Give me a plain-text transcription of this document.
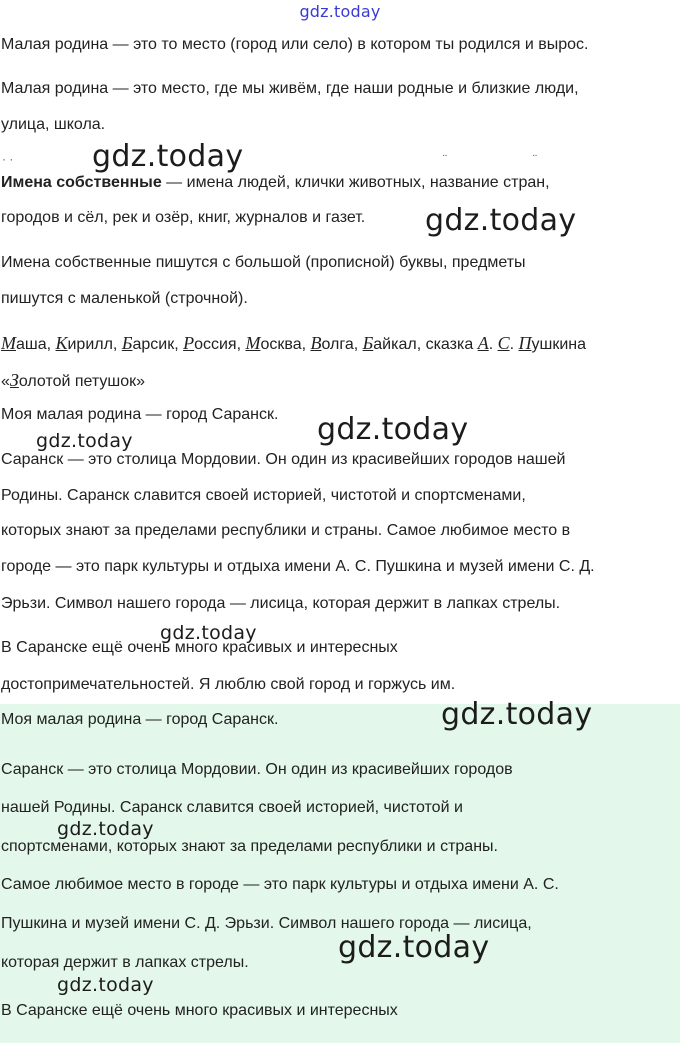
gdz.today
Малая родина — это то место (город или село) в котором ты родился и вырос.
Малая родина — это место, где мы живём, где наши родные и близкие люди,
улица, школа.
· ·	¨	¨
Имена собственные — имена людей, клички животных, название стран,
городов и сёл, рек и озёр, книг, журналов и газет.
Имена собственные пишутся с большой (прописной) буквы, предметы
пишутся с маленькой (строчной).
Маша, Кирилл, Барсик, Россия, Москва, Волга, Байкал, сказка А. С. Пушкина
«Золотой петушок»
Моя малая родина — город Саранск.
Саранск — это столица Мордовии. Он один из красивейших городов нашей
Родины. Саранск славится своей историей, чистотой и спортсменами,
которых знают за пределами республики и страны. Самое любимое место в
городе — это парк культуры и отдыха имени А. С. Пушкина и музей имени С. Д.
Эрьзи. Символ нашего города — лисица, которая держит в лапках стрелы.
В Саранске ещё очень много красивых и интересных
достопримечательностей. Я люблю свой город и горжусь им.
Моя малая родина — город Саранск.
Саранск — это столица Мордовии. Он один из красивейших городов
нашей Родины. Саранск славится своей историей, чистотой и
спортсменами, которых знают за пределами республики и страны.
Самое любимое место в городе — это парк культуры и отдыха имени А. С.
Пушкина и музей имени С. Д. Эрьзи. Символ нашего города — лисица,
которая держит в лапках стрелы.
В Саранске ещё очень много красивых и интересных
gdz.today
gdz.today
gdz.today
gdz.today
gdz.today
gdz.today
gdz.today
gdz.today
gdz.today
